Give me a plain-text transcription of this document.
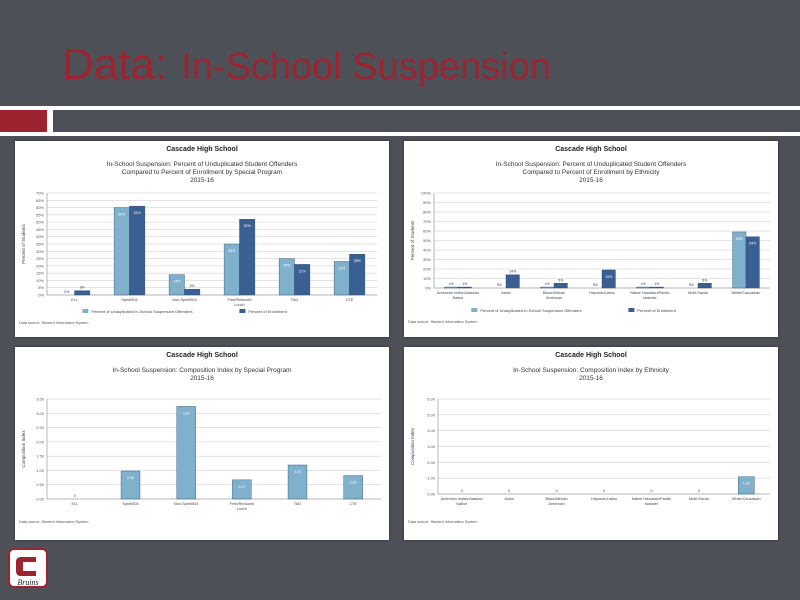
Data: In-School Suspension
Cascade High School
In-School Suspension: Percent of Unduplicated Student Offenders
Compared to Percent of Enrollment by Special Program
2015-16
0%
5%
10%
15%
20%
25%
30%
35%
40%
45%
50%
55%
60%
65%
70%
Percent of Students
0%
3%
ELL
60% 61%
Sped/504
14%
4%
Non-Sped/504
35%
52%
Free/Reduced
Lunch
25%
21%
TAG
23%
28%
CTE
Percent of Unduplicated In-School Suspension Offenders	Percent of Enrollment
Data source: Student Information System
Cascade High School
In-School Suspension: Percent of Unduplicated Student Offenders
Compared to Percent of Enrollment by Ethnicity
2015-16
0%
10%
20%
30%
40%
50%
60%
70%
80%
90%
100%
Percent of Students
1% 1%
American Indian/Alaskan
Native
0%
14%
Asian
1%
5%
Black/African
American
0%
19%
Hispanic/Latino
1% 1%
Native Hawaiian/Pacific
Islander
0%
5%
Multi-Racial
59%
54%
White/Caucasian
Percent of Unduplicated In-School Suspension Offenders	Percent of Enrollment
Data source: Student Information System
Cascade High School
In-School Suspension: Composition Index by Special Program
2015-16
0.00
0.50
1.00
1.50
2.00
2.50
3.00
3.50
Composition Index
0
ELL
0.98
Sped/504
3.24
Non-Sped/504
0.67
Free/Reduced
Lunch
1.19
TAG
0.82
CTE
Data source: Student Information System
Cascade High School
In-School Suspension: Composition Index by Ethnicity
2015-16
0.00
1.00
2.00
3.00
4.00
5.00
6.00
Composition Index
0
American Indian/Alaskan
Native
0
Asian
0
Black/African
American
0
Hispanic/Latino
0
Native Hawaiian/Pacific
Islander
0
Multi-Racial
1.09
White/Caucasian
Data source: Student Information System
Bruins
